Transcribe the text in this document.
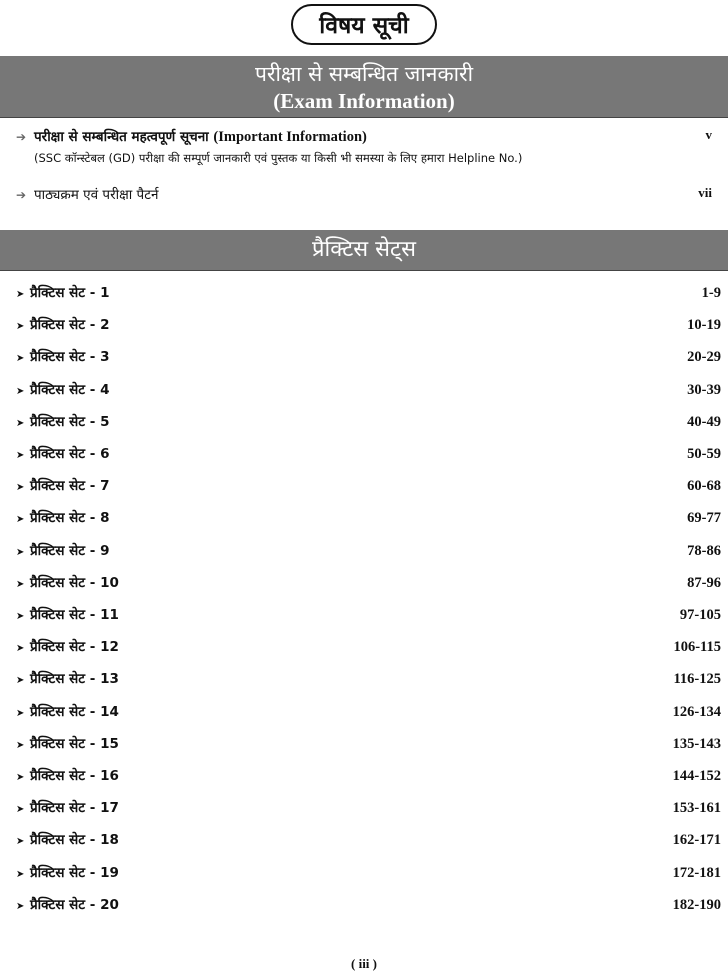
विषय सूची
परीक्षा से सम्बन्धित जानकारी
(Exam Information)
➔ परीक्षा से सम्बन्धित महत्वपूर्ण सूचना (Important Information)	v
(SSC कॉन्स्टेबल (GD) परीक्षा की सम्पूर्ण जानकारी एवं पुस्तक या किसी भी समस्या के लिए हमारा Helpline No.)
➔ पाठ्यक्रम एवं परीक्षा पैटर्न	vii
प्रैक्टिस सेट्स
➤ प्रैक्टिस सेट - 1	1-9
➤ प्रैक्टिस सेट - 2	10-19
➤ प्रैक्टिस सेट - 3	20-29
➤ प्रैक्टिस सेट - 4	30-39
➤ प्रैक्टिस सेट - 5	40-49
➤ प्रैक्टिस सेट - 6	50-59
➤ प्रैक्टिस सेट - 7	60-68
➤ प्रैक्टिस सेट - 8	69-77
➤ प्रैक्टिस सेट - 9	78-86
➤ प्रैक्टिस सेट - 10	87-96
➤ प्रैक्टिस सेट - 11	97-105
➤ प्रैक्टिस सेट - 12	106-115
➤ प्रैक्टिस सेट - 13	116-125
➤ प्रैक्टिस सेट - 14	126-134
➤ प्रैक्टिस सेट - 15	135-143
➤ प्रैक्टिस सेट - 16	144-152
➤ प्रैक्टिस सेट - 17	153-161
➤ प्रैक्टिस सेट - 18	162-171
➤ प्रैक्टिस सेट - 19	172-181
➤ प्रैक्टिस सेट - 20	182-190
( iii )
